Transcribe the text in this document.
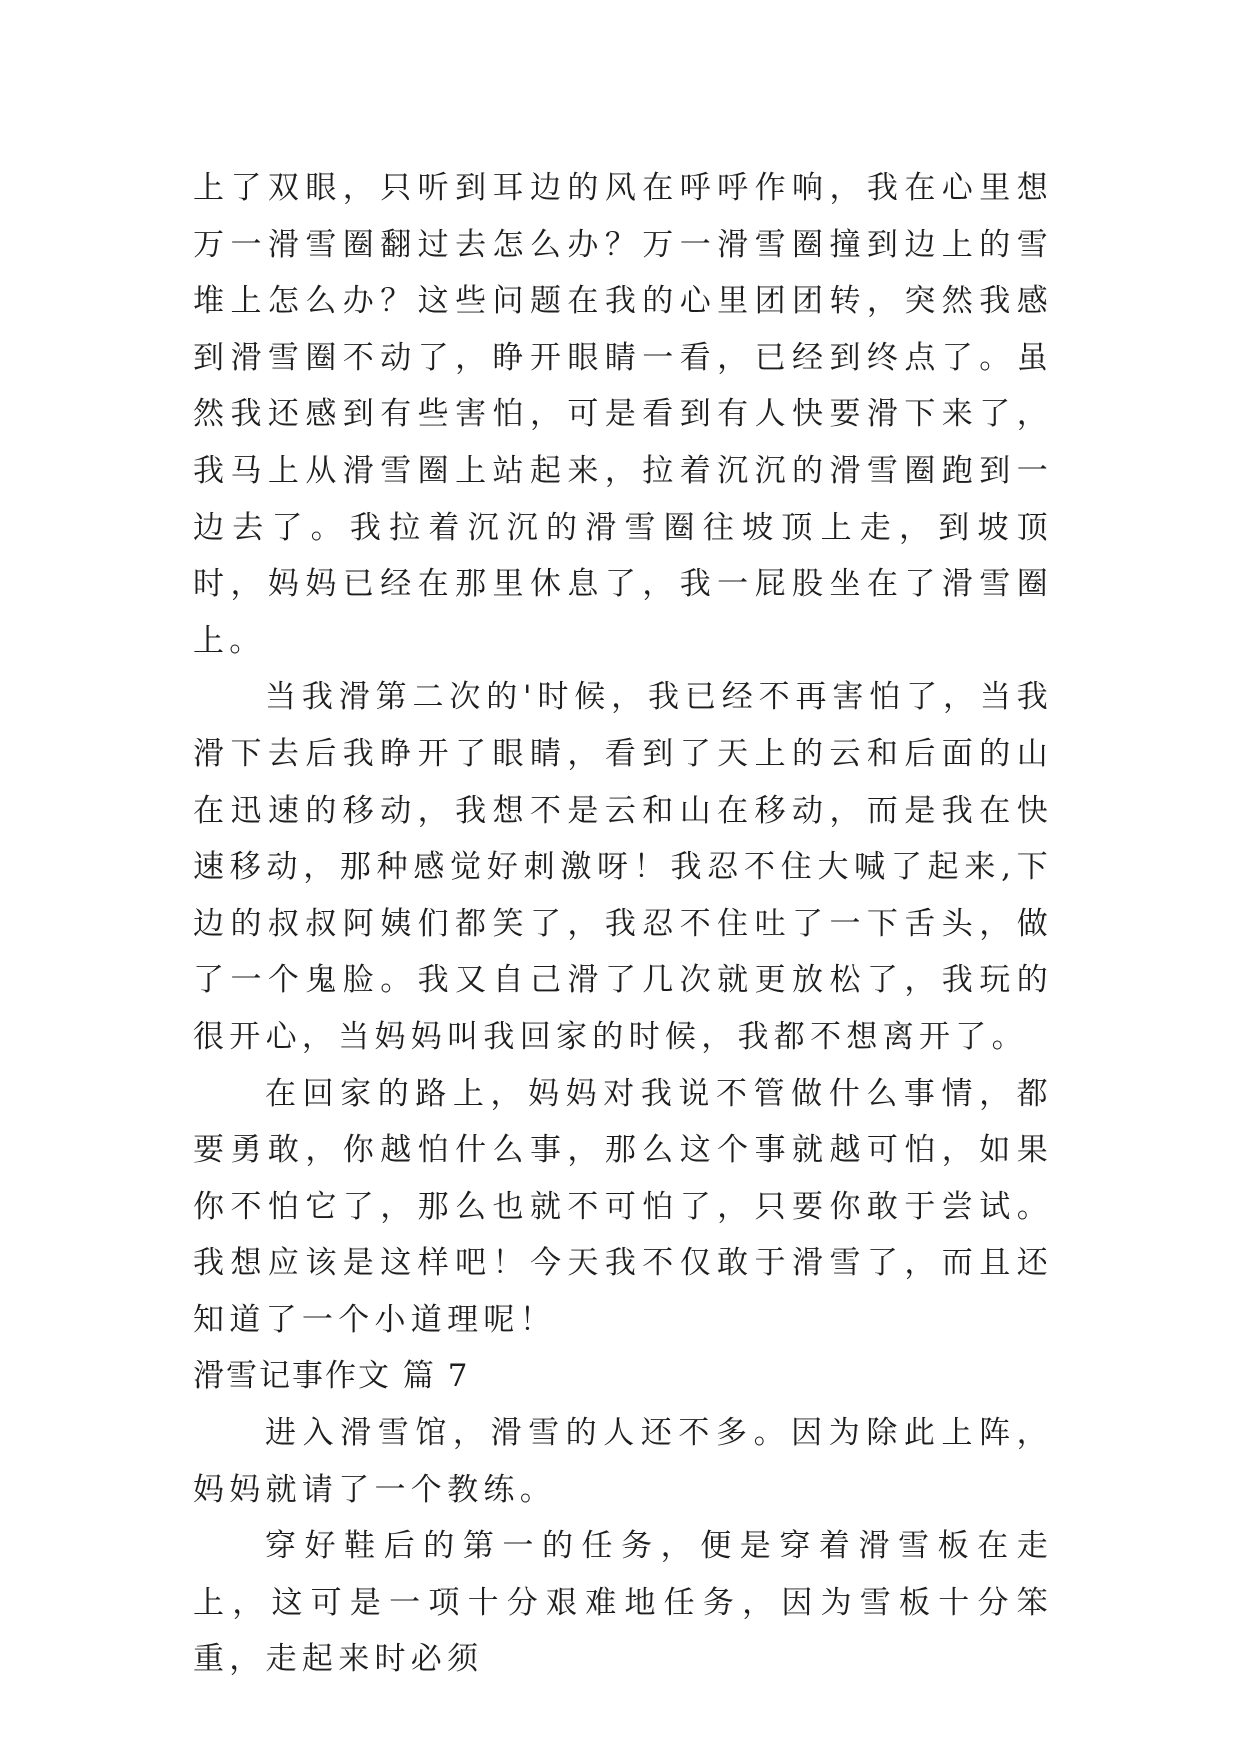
上了双眼，只听到耳边的风在呼呼作响，我在心里想万一滑雪圈翻过去怎么办？万一滑雪圈撞到边上的雪堆上怎么办？这些问题在我的心里团团转，突然我感到滑雪圈不动了，睁开眼睛一看，已经到终点了。虽然我还感到有些害怕，可是看到有人快要滑下来了，我马上从滑雪圈上站起来，拉着沉沉的滑雪圈跑到一边去了。我拉着沉沉的滑雪圈往坡顶上走，到坡顶时，妈妈已经在那里休息了，我一屁股坐在了滑雪圈上。

当我滑第二次的'时候，我已经不再害怕了，当我滑下去后我睁开了眼睛，看到了天上的云和后面的山在迅速的移动，我想不是云和山在移动，而是我在快速移动，那种感觉好刺激呀！我忍不住大喊了起来,下边的叔叔阿姨们都笑了，我忍不住吐了一下舌头，做了一个鬼脸。我又自己滑了几次就更放松了，我玩的很开心，当妈妈叫我回家的时候，我都不想离开了。

在回家的路上，妈妈对我说不管做什么事情，都要勇敢，你越怕什么事，那么这个事就越可怕，如果你不怕它了，那么也就不可怕了，只要你敢于尝试。我想应该是这样吧！今天我不仅敢于滑雪了，而且还知道了一个小道理呢！

滑雪记事作文 篇 7

进入滑雪馆，滑雪的人还不多。因为除此上阵，妈妈就请了一个教练。

穿好鞋后的第一的任务，便是穿着滑雪板在走上，这可是一项十分艰难地任务，因为雪板十分笨重，走起来时必须
